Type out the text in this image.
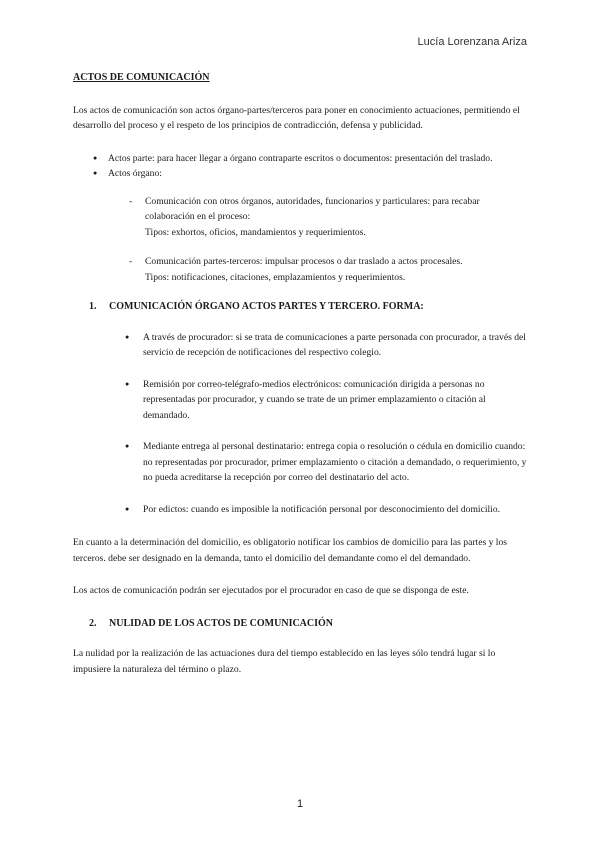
Lucía Lorenzana Ariza

ACTOS DE COMUNICACIÓN

Los actos de comunicación son actos órgano-partes/terceros para poner en conocimiento actuaciones, permitiendo el desarrollo del proceso y el respeto de los principios de contradicción, defensa y publicidad.

● Actos parte: para hacer llegar a órgano contraparte escritos o documentos: presentación del traslado.
● Actos órgano:

- Comunicación con otros órganos, autoridades, funcionarios y particulares: para recabar colaboración en el proceso:

Tipos: exhortos, oficios, mandamientos y requerimientos.

- Comunicación partes-terceros: impulsar procesos o dar traslado a actos procesales.

Tipos: notificaciones, citaciones, emplazamientos y requerimientos.

1. COMUNICACIÓN ÓRGANO ACTOS PARTES Y TERCERO. FORMA:

● A través de procurador: si se trata de comunicaciones a parte personada con procurador, a través del servicio de recepción de notificaciones del respectivo colegio.
● Remisión por correo-telégrafo-medios electrónicos: comunicación dirigida a personas no representadas por procurador, y cuando se trate de un primer emplazamiento o citación al demandado.
● Mediante entrega al personal destinatario: entrega copia o resolución o cédula en domicilio cuando: no representadas por procurador, primer emplazamiento o citación a demandado, o requerimiento, y no pueda acreditarse la recepción por correo del destinatario del acto.
● Por edictos: cuando es imposible la notificación personal por desconocimiento del domicilio.

En cuanto a la determinación del domicilio, es obligatorio notificar los cambios de domicilio para las partes y los terceros. debe ser designado en la demanda, tanto el domicilio del demandante como el del demandado.

Los actos de comunicación podrán ser ejecutados por el procurador en caso de que se disponga de este.

2. NULIDAD DE LOS ACTOS DE COMUNICACIÓN

La nulidad por la realización de las actuaciones dura del tiempo establecido en las leyes sólo tendrá lugar si lo impusiere la naturaleza del término o plazo.

1
